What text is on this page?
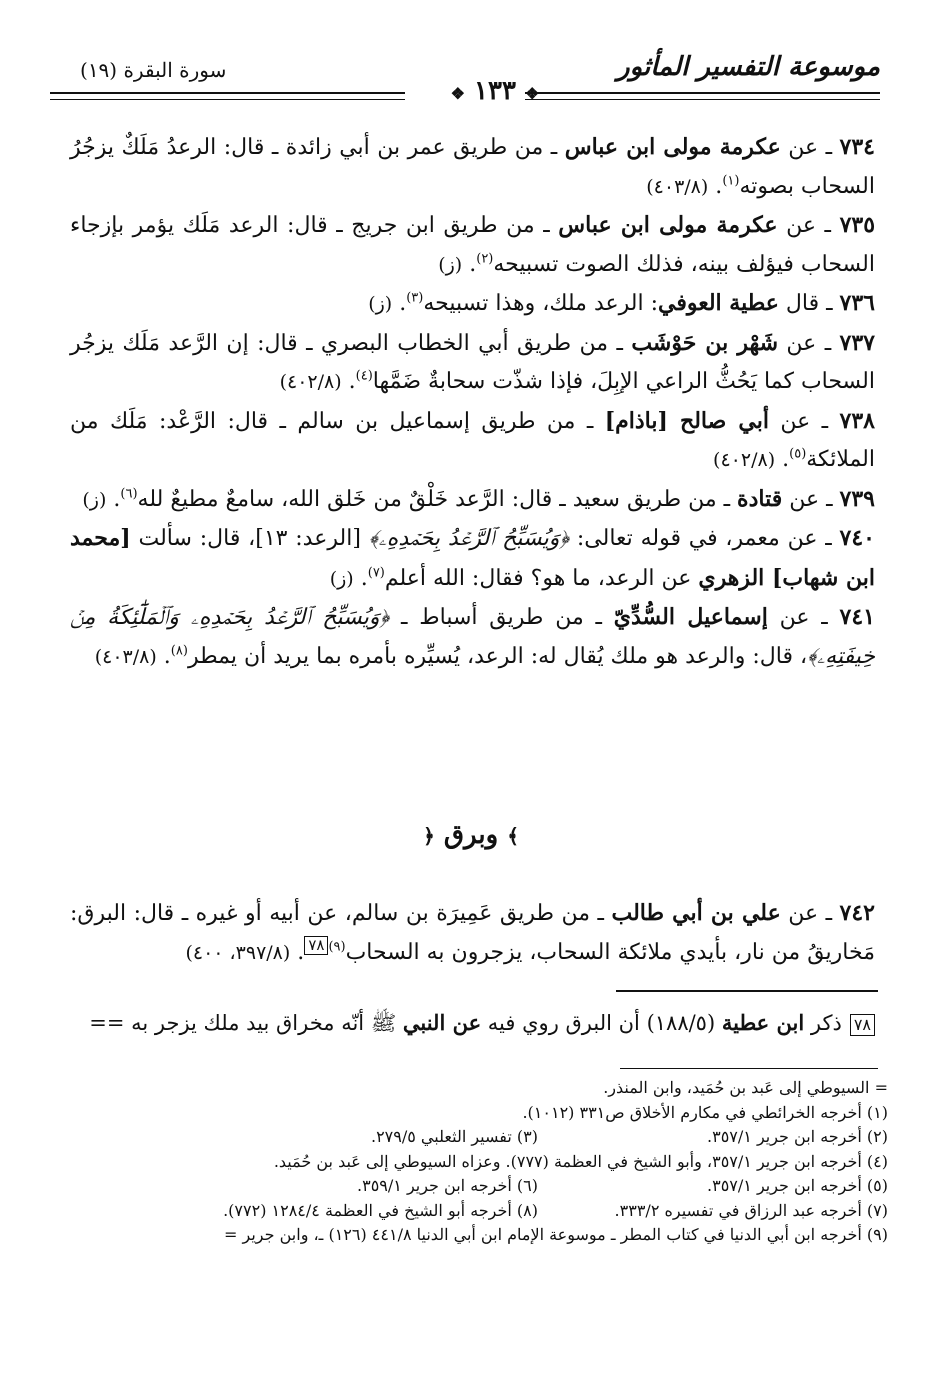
موسوعة التفسير المأثور
سورة البقرة (١٩)
❖ ١٣٣ ❖

٧٣٤ ـ عن عكرمة مولى ابن عباس ـ من طريق عمر بن أبي زائدة ـ قال: الرعدُ مَلَكٌ يزجُرُ السحاب بصوته$^{(١)}$. (٤٠٣/٨)

٧٣٥ ـ عن عكرمة مولى ابن عباس ـ من طريق ابن جريج ـ قال: الرعد مَلَك يؤمر بإزجاء السحاب فيؤلف بينه، فذلك الصوت تسبيحه$^{(٢)}$. (ز)

٧٣٦ ـ قال عطية العوفي: الرعد ملك، وهذا تسبيحه$^{(٣)}$. (ز)

٧٣٧ ـ عن شَهْر بن حَوْشَب ـ من طريق أبي الخطاب البصري ـ قال: إن الرَّعد مَلَك يزجُر السحاب كما يَحُثُّ الراعي الإبِلَ، فإذا شذّت سحابةٌ ضَمَّها$^{(٤)}$. (٤٠٢/٨)

٧٣٨ ـ عن أبي صالح [باذام] ـ من طريق إسماعيل بن سالم ـ قال: الرَّعْد: مَلَك من الملائكة$^{(٥)}$. (٤٠٢/٨)

٧٣٩ ـ عن قتادة ـ من طريق سعيد ـ قال: الرَّعد خَلْقٌ من خَلق الله، سامعٌ مطيعٌ لله$^{(٦)}$. (ز)

٧٤٠ ـ عن معمر، في قوله تعالى: ﴿وَيُسَبِّحُ ٱلرَّعۡدُ بِحَمۡدِهِۦ﴾ [الرعد: ١٣]، قال: سألت [محمد ابن شهاب] الزهري عن الرعد، ما هو؟ فقال: الله أعلم$^{(٧)}$. (ز)

٧٤١ ـ عن إسماعيل السُّدِّيّ ـ من طريق أسباط ـ ﴿وَيُسَبِّحُ ٱلرَّعۡدُ بِحَمۡدِهِۦ وَٱلۡمَلَٰٓئِكَةُ مِنۡ خِيفَتِهِۦ﴾، قال: والرعد هو ملك يُقال له: الرعد، يُسيِّره بأمره بما يريد أن يمطر$^{(٨)}$. (٤٠٣/٨)

﴾ وبرق ﴿

٧٤٢ ـ عن علي بن أبي طالب ـ من طريق عَمِيرَة بن سالم، عن أبيه أو غيره ـ قال: البرق: مَخاريقُ من نار، بأيدي ملائكة السحاب، يزجرون به السحاب$^{(٩)}$٧٨. (٣٩٧/٨، ٤٠٠)

٧٨ذكر ابن عطية (١٨٨/٥) أن البرق روي فيه عن النبي ﷺ أنّه مخراق بيد ملك يزجر به ==
= السيوطي إلى عَبد بن حُمَيد، وابن المنذر.
(١) أخرجه الخرائطي في مكارم الأخلاق ص٣٣١ (١٠١٢).
(٢) أخرجه ابن جرير ٣٥٧/١.
(٣) تفسير الثعلبي ٢٧٩/٥.
(٤) أخرجه ابن جرير ٣٥٧/١، وأبو الشيخ في العظمة (٧٧٧). وعزاه السيوطي إلى عَبد بن حُمَيد.
(٥) أخرجه ابن جرير ٣٥٧/١.
(٦) أخرجه ابن جرير ٣٥٩/١.
(٧) أخرجه عبد الرزاق في تفسيره ٣٣٣/٢.
(٨) أخرجه أبو الشيخ في العظمة ١٢٨٤/٤ (٧٧٢).
(٩) أخرجه ابن أبي الدنيا في كتاب المطر ـ موسوعة الإمام ابن أبي الدنيا ٤٤١/٨ (١٢٦) ـ، وابن جرير =
